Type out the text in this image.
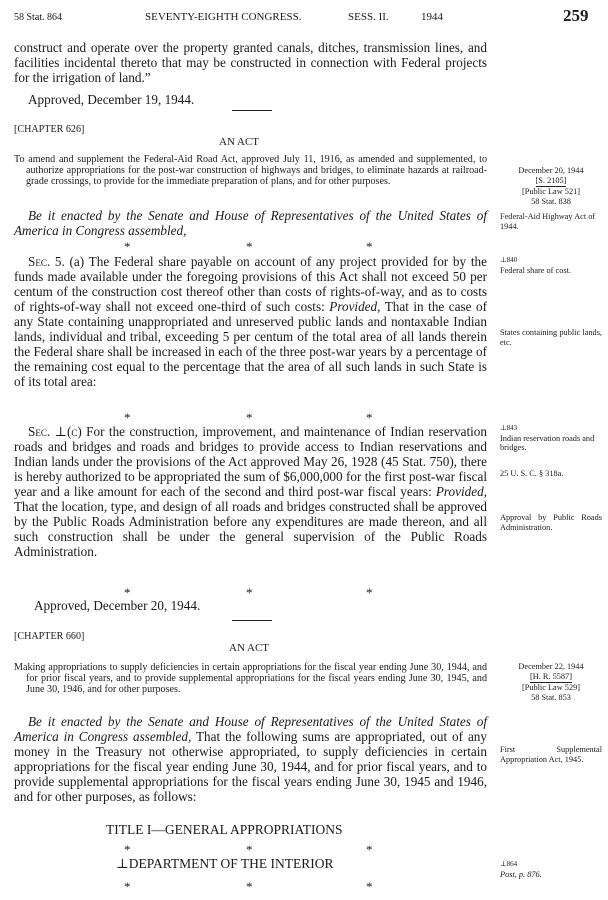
58 Stat. 864	SEVENTY-EIGHTH CONGRESS.	SESS. II.	1944	259

construct and operate over the property granted canals, ditches, transmission lines, and facilities incidental thereto that may be constructed in connection with Federal projects for the irrigation of land.”

Approved, December 19, 1944.

[CHAPTER 626]
AN ACT
To amend and supplement the Federal-Aid Road Act, approved July 11, 1916, as amended and supplemented, to authorize appropriations for the post-war construction of highways and bridges, to eliminate hazards at railroad-grade crossings, to provide for the immediate preparation of plans, and for other purposes.

Be it enacted by the Senate and House of Representatives of the United States of America in Congress assembled,

*	*	*

Sec. 5. (a) The Federal share payable on account of any project provided for by the funds made available under the foregoing provisions of this Act shall not exceed 50 per centum of the construction cost thereof other than costs of rights-of-way, and as to costs of rights-of-way shall not exceed one-third of such costs: Provided, That in the case of any State containing unappropriated and unreserved public lands and nontaxable Indian lands, individual and tribal, exceeding 5 per centum of the total area of all lands therein the Federal share shall be increased in each of the three post-war years by a percentage of the remaining cost equal to the percentage that the area of all such lands in such State is of its total area:

*	*	*

Sec. ⊥(c) For the construction, improvement, and maintenance of Indian reservation roads and bridges and roads and bridges to provide access to Indian reservations and Indian lands under the provisions of the Act approved May 26, 1928 (45 Stat. 750), there is hereby authorized to be appropriated the sum of $6,000,000 for the first post-war fiscal year and a like amount for each of the second and third post-war fiscal years: Provided, That the location, type, and design of all roads and bridges constructed shall be approved by the Public Roads Administration before any expenditures are made thereon, and all such construction shall be under the general supervision of the Public Roads Administration.

*	*	*
Approved, December 20, 1944.
[CHAPTER 660]
AN ACT
Making appropriations to supply deficiencies in certain appropriations for the fiscal year ending June 30, 1944, and for prior fiscal years, and to provide supplemental appropriations for the fiscal years ending June 30, 1945, and June 30, 1946, and for other purposes.

Be it enacted by the Senate and House of Representatives of the United States of America in Congress assembled, That the following sums are appropriated, out of any money in the Treasury not otherwise appropriated, to supply deficiencies in certain appropriations for the fiscal year ending June 30, 1944, and for prior fiscal years, and to provide supplemental appropriations for the fiscal years ending June 30, 1945 and 1946, and for other purposes, as follows:

TITLE I—GENERAL APPROPRIATIONS
*	*	*
⊥DEPARTMENT OF THE INTERIOR
*	*	*
December 20, 1944
[S. 2105]
[Public Law 521]
58 Stat. 838
Federal-Aid Highway Act of 1944.
⊥840
Federal share of cost.
States containing public lands, etc.
⊥843
Indian reservation roads and bridges.
25 U. S. C. § 318a.
Approval by Public Roads Administration.
December 22, 1944
[H. R. 5587]
[Public Law 529]
58 Stat. 853
First Supplemental Appropriation Act, 1945.
⊥864
Post, p. 876.
